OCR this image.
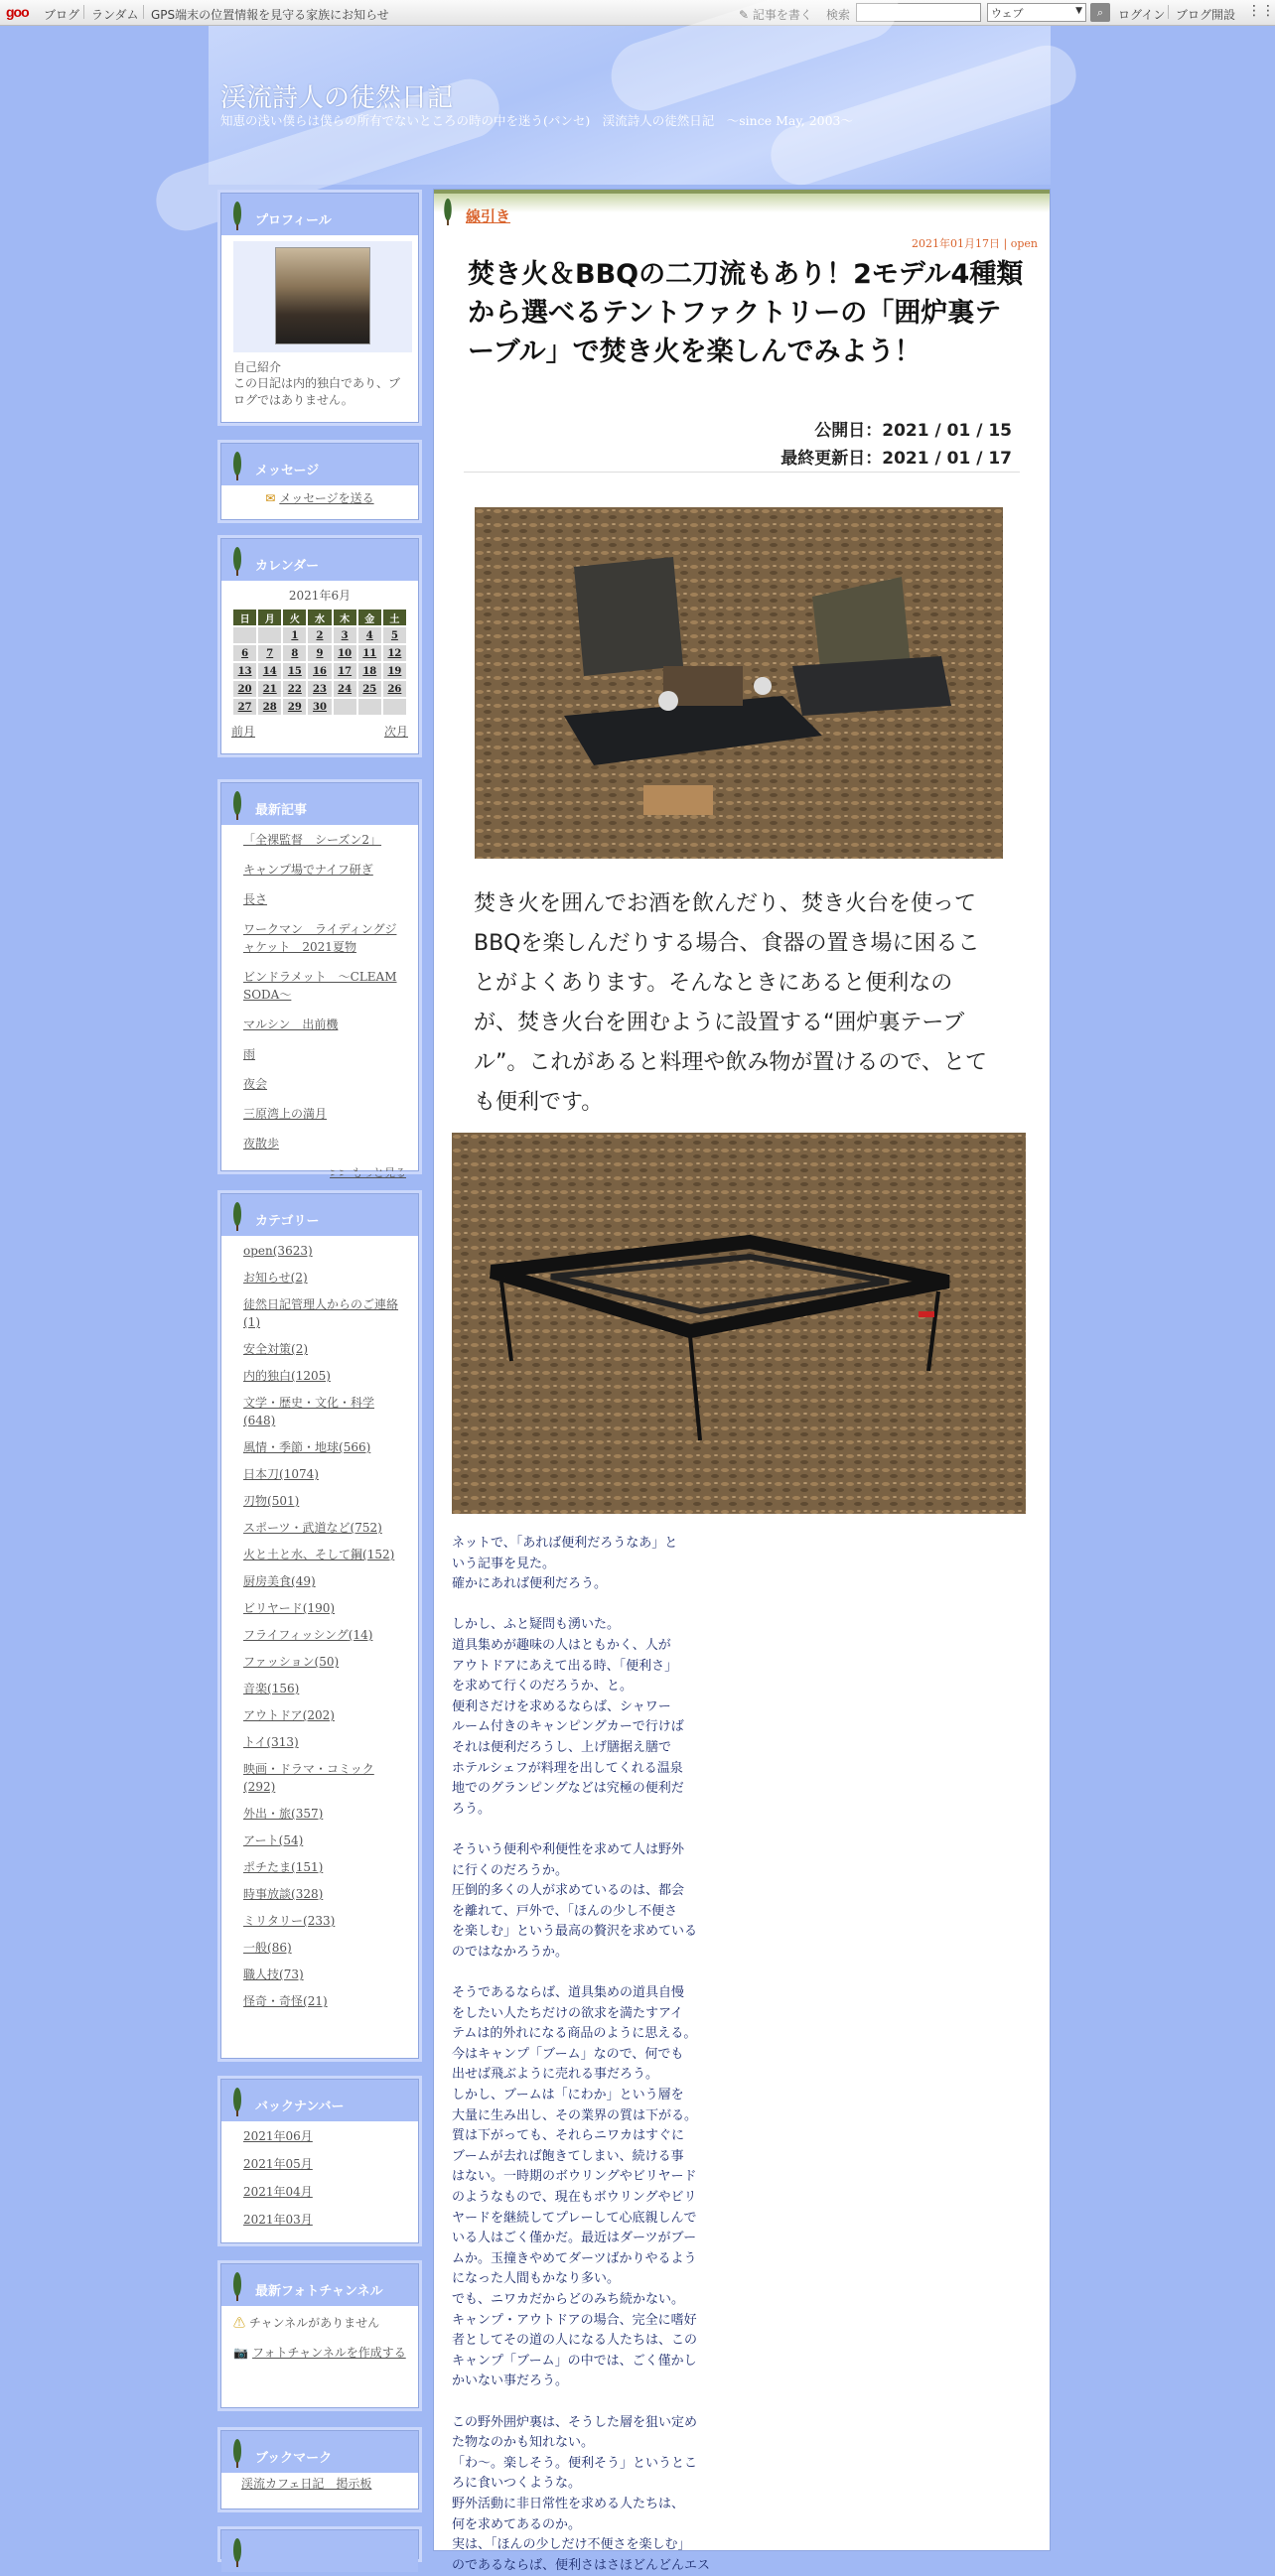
goo ブログ ランダム GPS端末の位置情報を見守る家族にお知らせ	✎ 記事を書く 検索	ウェブ	▼	⌕	ログイン ブログ開設 ⋮⋮
渓流詩人の徒然日記
知恵の浅い僕らは僕らの所有でないところの時の中を迷う(パンセ)　渓流詩人の徒然日記　～since May, 2003～
プロフィール
自己紹介
この日記は内的独白であり、ブログではありません。
メッセージ
✉ メッセージを送る
カレンダー
2021年6月
日	月	火	水	木	金	土
		1	2	3	4	5
6	7	8	9	10	11	12
13	14	15	16	17	18	19
20	21	22	23	24	25	26
27	28	29	30			
前月	次月
最新記事
「全裸監督　シーズン2」
キャンプ場でナイフ研ぎ
長さ
ワークマン　ライディングジャケット　2021夏物
ビンドラメット　～CLEAM SODA～
マルシン　出前機
雨
夜会
三原湾上の満月
夜散歩
>> もっと見る
カテゴリー
open(3623)
お知らせ(2)
徒然日記管理人からのご連絡(1)
安全対策(2)
内的独白(1205)
文学・歴史・文化・科学(648)
風情・季節・地球(566)
日本刀(1074)
刃物(501)
スポーツ・武道など(752)
火と土と水、そして鋼(152)
厨房美食(49)
ビリヤード(190)
フライフィッシング(14)
ファッション(50)
音楽(156)
アウトドア(202)
トイ(313)
映画・ドラマ・コミック(292)
外出・旅(357)
アート(54)
ポチたま(151)
時事放談(328)
ミリタリー(233)
一般(86)
職人技(73)
怪奇・奇怪(21)
バックナンバー
2021年06月
2021年05月
2021年04月
2021年03月
最新フォトチャンネル
⚠ チャンネルがありません
📷 フォトチャンネルを作成する
ブックマーク
渓流カフェ日記　掲示板
線引き
2021年01月17日 | open
焚き火＆BBQの二刀流もあり！2モデル4種類から選べるテントファクトリーの「囲炉裏テーブル」で焚き火を楽しんでみよう！
公開日：2021 / 01 / 15
最終更新日：2021 / 01 / 17
焚き火を囲んでお酒を飲んだり、焚き火台を使ってBBQを楽しんだりする場合、食器の置き場に困ることがよくあります。そんなときにあると便利なのが、焚き火台を囲むように設置する“囲炉裏テーブル”。これがあると料理や飲み物が置けるので、とても便利です。
ネットで、「あれば便利だろうなあ」と
いう記事を見た。
確かにあれば便利だろう。

しかし、ふと疑問も湧いた。
道具集めが趣味の人はともかく、人が
アウトドアにあえて出る時、「便利さ」
を求めて行くのだろうか、と。
便利さだけを求めるならば、シャワー
ルーム付きのキャンピングカーで行けば
それは便利だろうし、上げ膳据え膳で
ホテルシェフが料理を出してくれる温泉
地でのグランピングなどは究極の便利だ
ろう。

そういう便利や利便性を求めて人は野外
に行くのだろうか。
圧倒的多くの人が求めているのは、都会
を離れて、戸外で、「ほんの少し不便さ
を楽しむ」という最高の贅沢を求めている
のではなかろうか。

そうであるならば、道具集めの道具自慢
をしたい人たちだけの欲求を満たすアイ
テムは的外れになる商品のように思える。
今はキャンプ「ブーム」なので、何でも
出せば飛ぶように売れる事だろう。
しかし、ブームは「にわか」という層を
大量に生み出し、その業界の質は下がる。
質は下がっても、それらニワカはすぐに
ブームが去れば飽きてしまい、続ける事
はない。一時期のボウリングやビリヤード
のようなもので、現在もボウリングやビリ
ヤードを継続してプレーして心底親しんで
いる人はごく僅かだ。最近はダーツがブー
ムか。玉撞きやめてダーツばかりやるよう
になった人間もかなり多い。
でも、ニワカだからどのみち続かない。
キャンプ・アウトドアの場合、完全に嗜好
者としてその道の人になる人たちは、この
キャンプ「ブーム」の中では、ごく僅かし
かいない事だろう。

この野外囲炉裏は、そうした層を狙い定め
た物なのかも知れない。
「わ〜。楽しそう。便利そう」というとこ
ろに食いつくような。
野外活動に非日常性を求める人たちは、
何を求めてあるのか。
実は、「ほんの少しだけ不便さを楽しむ」
のであるならば、便利さはさほどんどんエス
